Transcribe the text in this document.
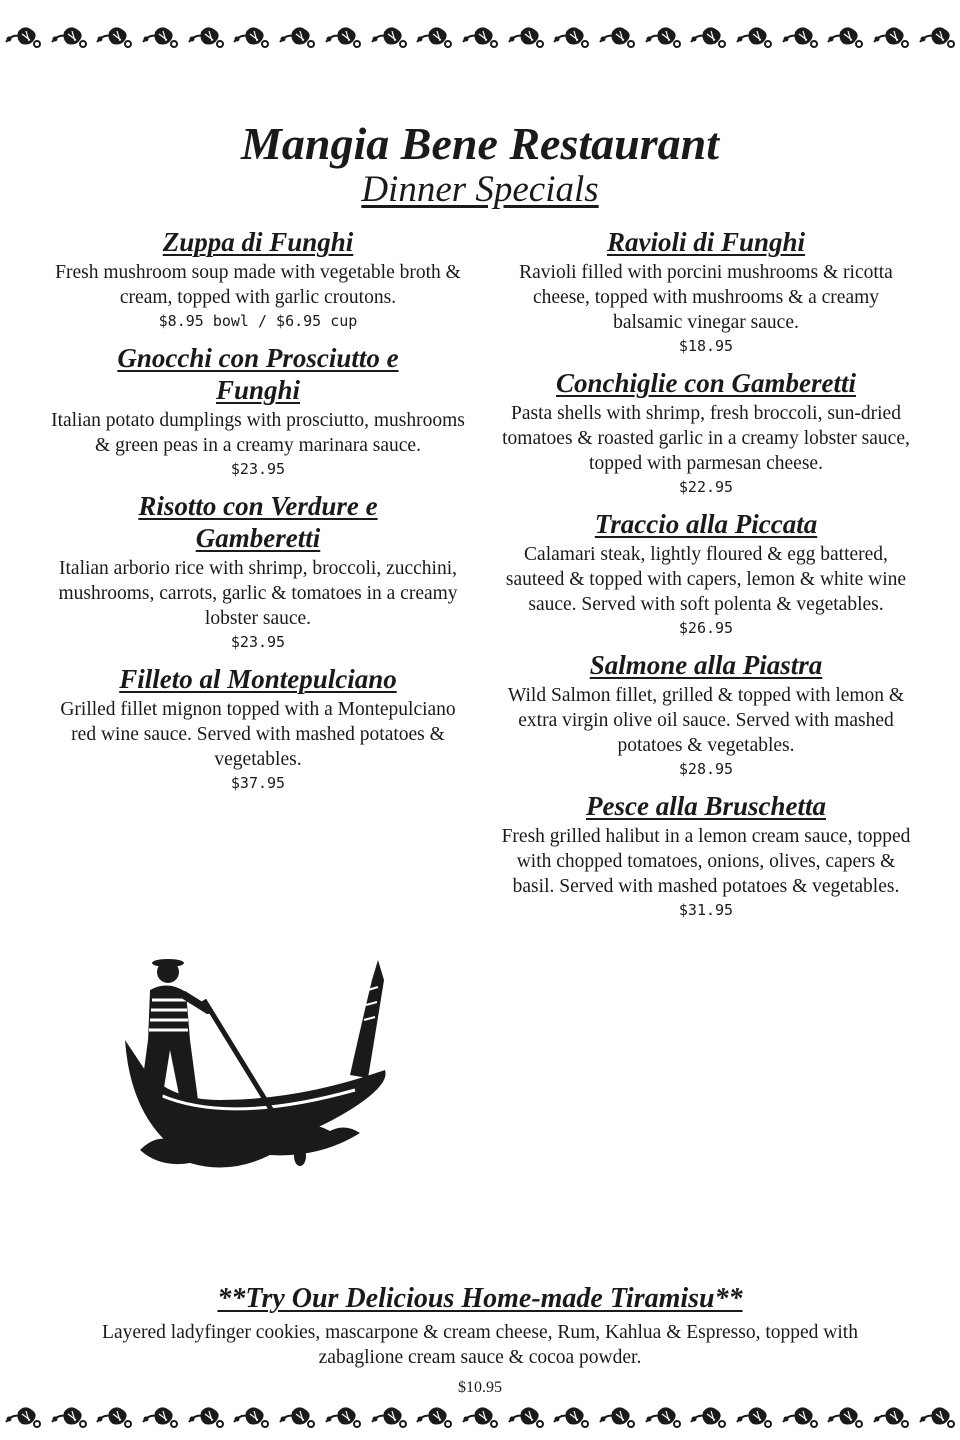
Mangia Bene Restaurant
Dinner Specials
Zuppa di Funghi
Fresh mushroom soup made with vegetable broth & cream, topped with garlic croutons.
$8.95 bowl / $6.95 cup
Gnocchi con Prosciutto e Funghi
Italian potato dumplings with prosciutto, mushrooms & green peas in a creamy marinara sauce.
$23.95
Risotto con Verdure e Gamberetti
Italian arborio rice with shrimp, broccoli, zucchini, mushrooms, carrots, garlic & tomatoes in a creamy lobster sauce.
$23.95
Filleto al Montepulciano
Grilled fillet mignon topped with a Montepulciano red wine sauce. Served with mashed potatoes & vegetables.
$37.95
Ravioli di Funghi
Ravioli filled with porcini mushrooms & ricotta cheese, topped with mushrooms & a creamy balsamic vinegar sauce.
$18.95
Conchiglie con Gamberetti
Pasta shells with shrimp, fresh broccoli, sun-dried tomatoes & roasted garlic in a creamy lobster sauce, topped with parmesan cheese.
$22.95
Traccio alla Piccata
Calamari steak, lightly floured & egg battered, sauteed & topped with capers, lemon & white wine sauce. Served with soft polenta & vegetables.
$26.95
Salmone alla Piastra
Wild Salmon fillet, grilled & topped with lemon & extra virgin olive oil sauce. Served with mashed potatoes & vegetables.
$28.95
Pesce alla Bruschetta
Fresh grilled halibut in a lemon cream sauce, topped with chopped tomatoes, onions, olives, capers & basil. Served with mashed potatoes & vegetables.
$31.95
**Try Our Delicious Home-made Tiramisu**
Layered ladyfinger cookies, mascarpone & cream cheese, Rum, Kahlua & Espresso, topped with zabaglione cream sauce & cocoa powder.
$10.95
